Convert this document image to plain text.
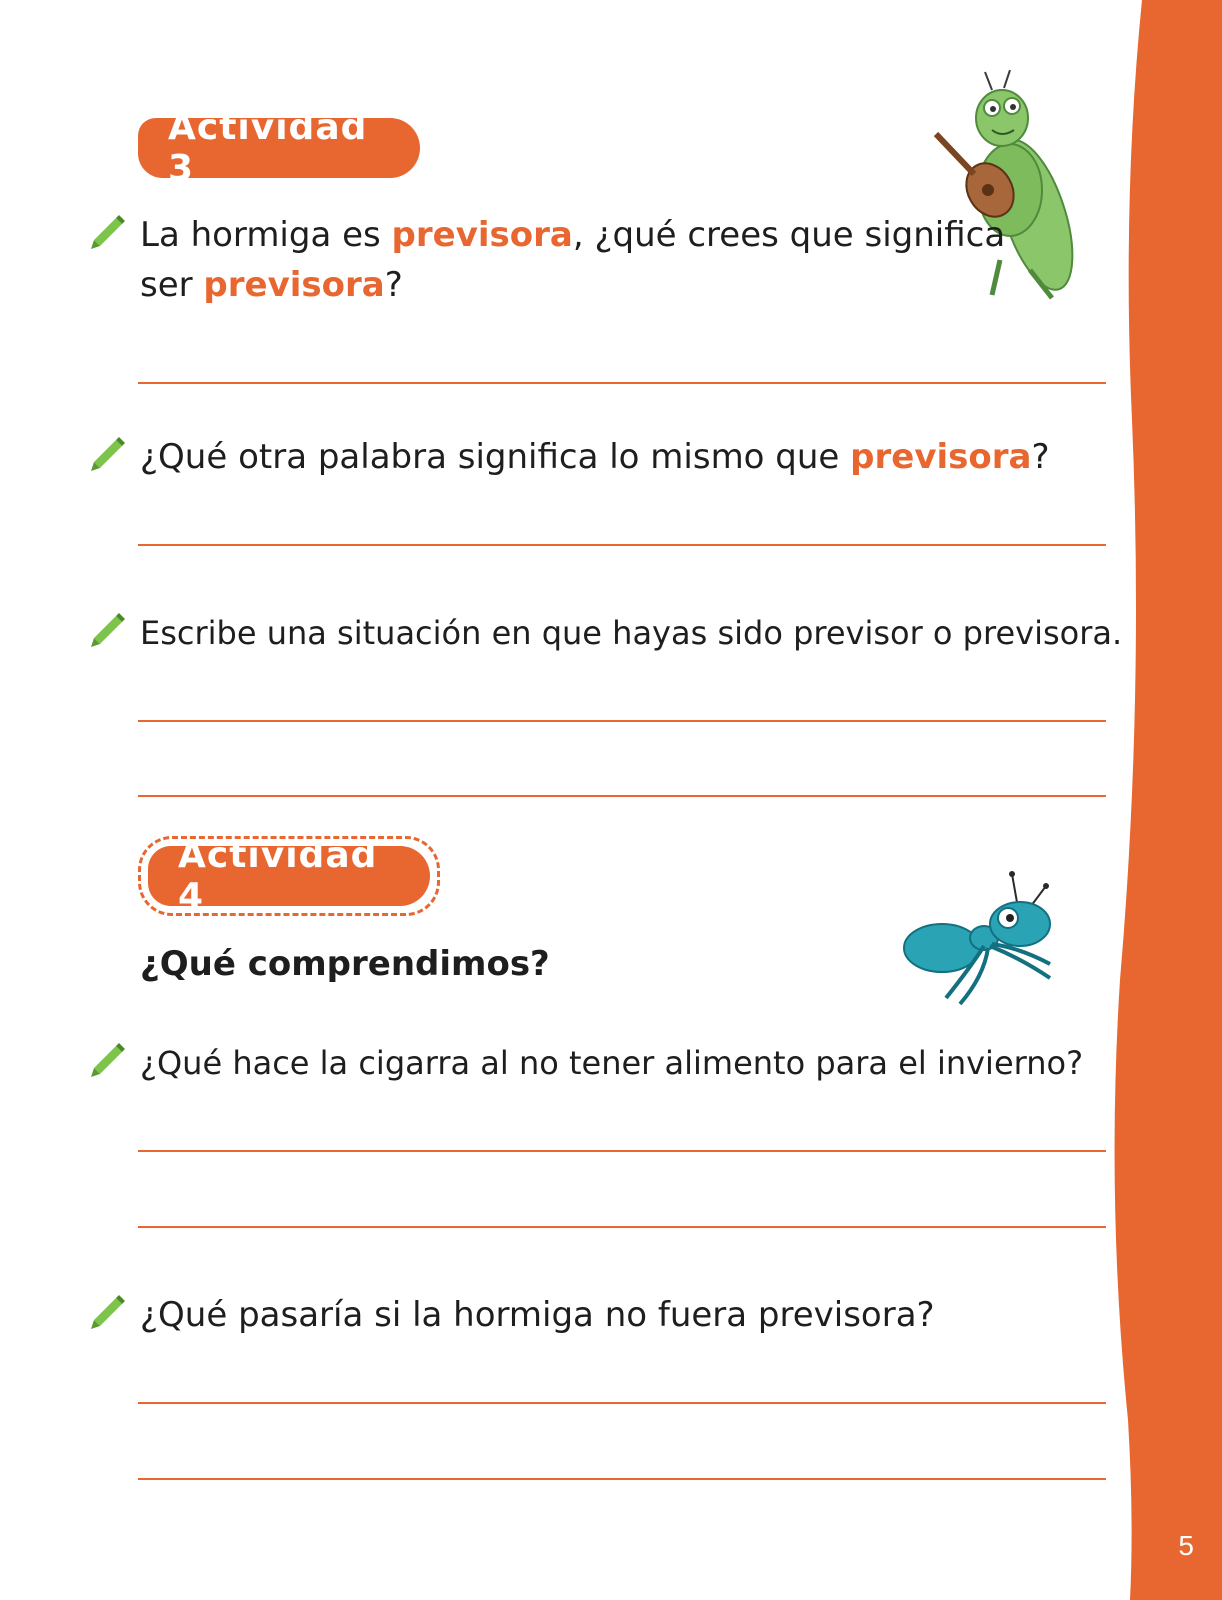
5
Actividad 3
La hormiga es previsora, ¿qué crees que significa
ser previsora?
¿Qué otra palabra significa lo mismo que previsora?
Escribe una situación en que hayas sido previsor o previsora.
Actividad 4
¿Qué comprendimos?
¿Qué hace la cigarra al no tener alimento para el invierno?
¿Qué pasaría si la hormiga no fuera previsora?
